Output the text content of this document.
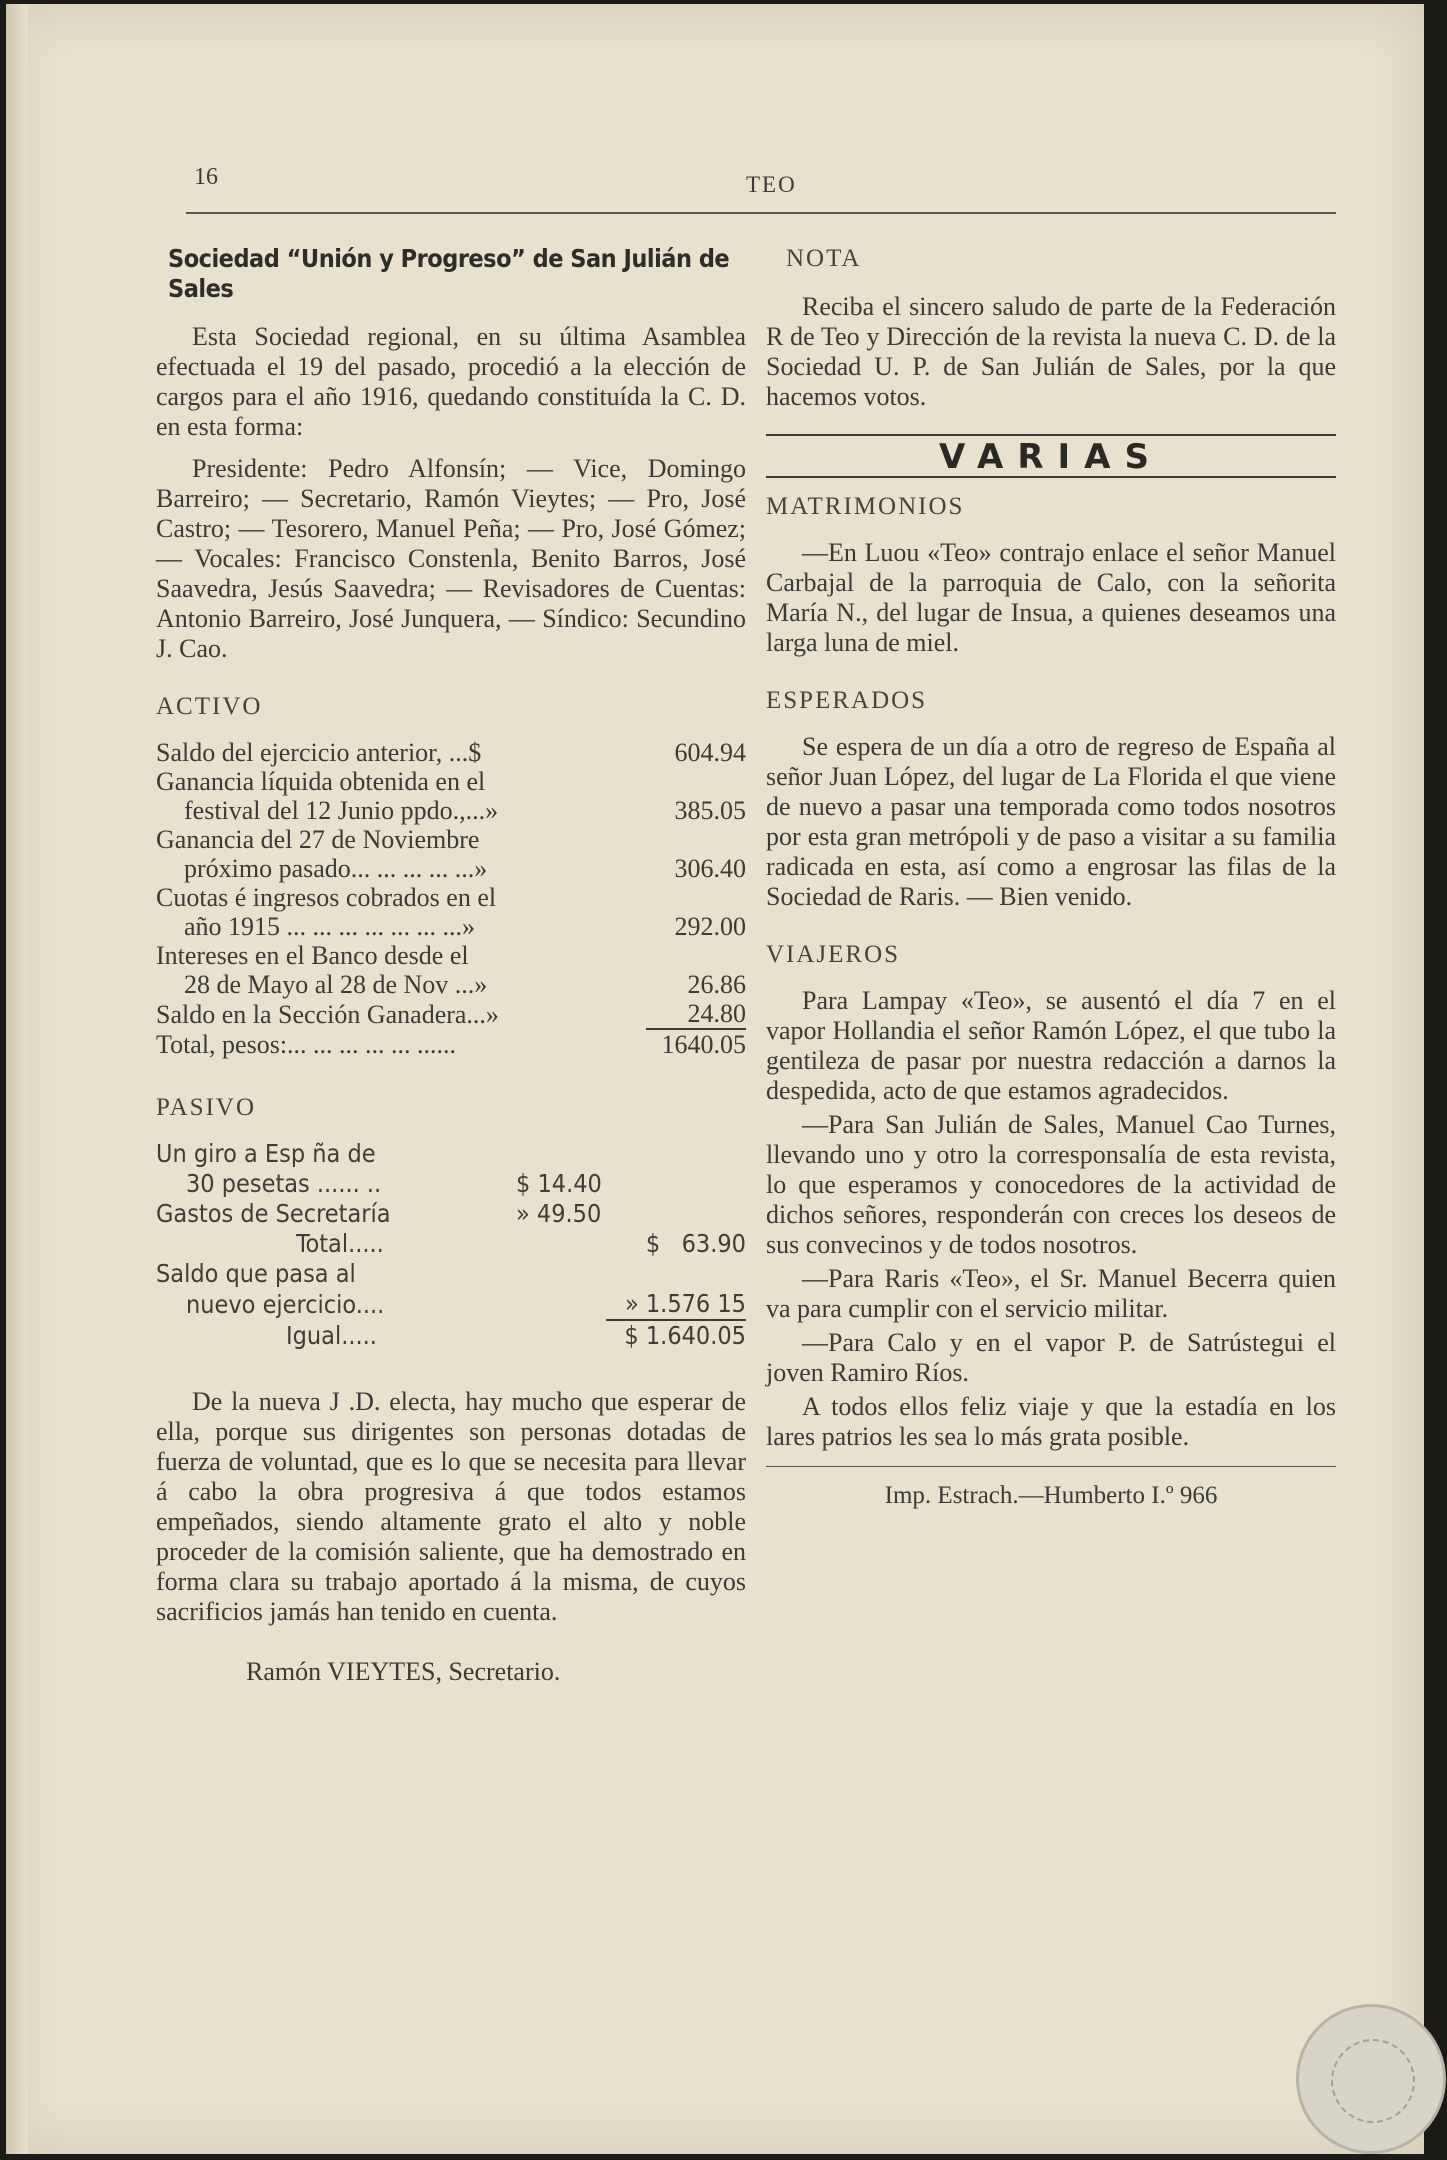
16	TEO
Sociedad “Unión y Progreso” de San Julián de Sales

Esta Sociedad regional, en su última Asamblea efectuada el 19 del pasado, procedió a la elección de cargos para el año 1916, quedando constituída la C. D. en esta forma:

Presidente: Pedro Alfonsín; — Vice, Domingo Barreiro; — Secretario, Ramón Vieytes; — Pro, José Castro; — Tesorero, Manuel Peña; — Pro, José Gómez; — Vocales: Francisco Constenla, Benito Barros, José Saavedra, Jesús Saavedra; — Revisadores de Cuentas: Antonio Barreiro, José Junquera, — Síndico: Secundino J. Cao.

ACTIVO
Saldo del ejercicio anterior, ...$	604.94
Ganancia líquida obtenida en el	
festival del 12 Junio ppdo.,...»	385.05
Ganancia del 27 de Noviembre	
próximo pasado... ... ... ... ...»	306.40
Cuotas é ingresos cobrados en el	
año 1915 ... ... ... ... ... ... ...»	292.00
Intereses en el Banco desde el	
28 de Mayo al 28 de Nov ...»	26.86
Saldo en la Sección Ganadera...»	24.80
Total, pesos:... ... ... ... ... ......	1640.05
PASIVO
Un giro a Esp ña de		
30 pesetas ...... ..	$ 14.40	
Gastos de Secretaría	» 49.50	
Total.....		$ 63.90
Saldo que pasa al		
nuevo ejercicio....		» 1.576 15
Igual.....		$ 1.640.05

De la nueva J .D. electa, hay mucho que esperar de ella, porque sus dirigentes son personas dotadas de fuerza de voluntad, que es lo que se necesita para llevar á cabo la obra progresiva á que todos estamos empeñados, siendo altamente grato el alto y noble proceder de la comisión saliente, que ha demostrado en forma clara su trabajo aportado á la misma, de cuyos sacrificios jamás han tenido en cuenta.

Ramón VIEYTES, Secretario.
NOTA

Reciba el sincero saludo de parte de la Federación R de Teo y Dirección de la revista la nueva C. D. de la Sociedad U. P. de San Julián de Sales, por la que hacemos votos.

VARIAS
MATRIMONIOS

—En Luou «Teo» contrajo enlace el señor Manuel Carbajal de la parroquia de Calo, con la señorita María N., del lugar de Insua, a quienes deseamos una larga luna de miel.

ESPERADOS

Se espera de un día a otro de regreso de España al señor Juan López, del lugar de La Florida el que viene de nuevo a pasar una temporada como todos nosotros por esta gran metrópoli y de paso a visitar a su familia radicada en esta, así como a engrosar las filas de la Sociedad de Raris. — Bien venido.

VIAJEROS

Para Lampay «Teo», se ausentó el día 7 en el vapor Hollandia el señor Ramón López, el que tubo la gentileza de pasar por nuestra redacción a darnos la despedida, acto de que estamos agradecidos.

—Para San Julián de Sales, Manuel Cao Turnes, llevando uno y otro la corresponsalía de esta revista, lo que esperamos y conocedores de la actividad de dichos señores, responderán con creces los deseos de sus convecinos y de todos nosotros.

—Para Raris «Teo», el Sr. Manuel Becerra quien va para cumplir con el servicio militar.

—Para Calo y en el vapor P. de Satrústegui el joven Ramiro Ríos.

A todos ellos feliz viaje y que la estadía en los lares patrios les sea lo más grata posible.

Imp. Estrach.—Humberto I.º 966
